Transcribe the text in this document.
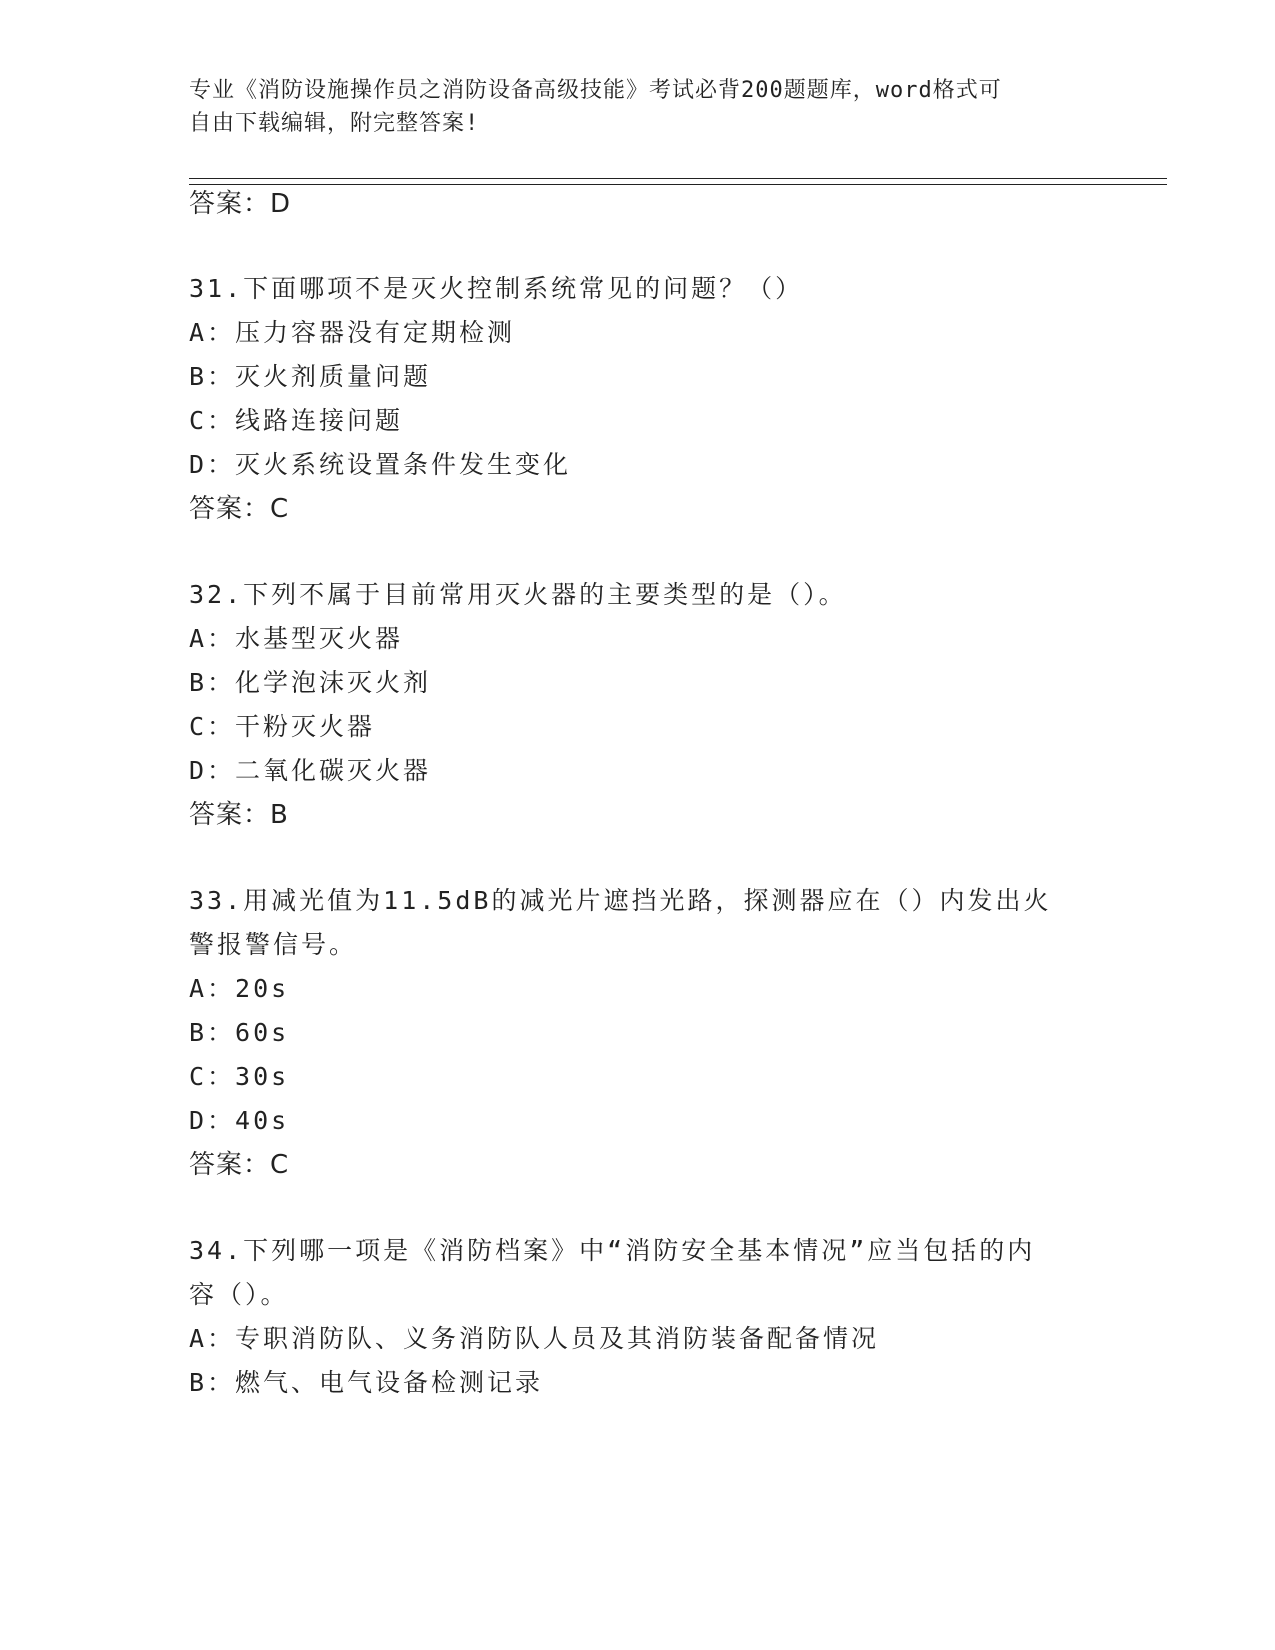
专业《消防设施操作员之消防设备高级技能》考试必背200题题库，word格式可
自由下载编辑，附完整答案!
答案：D
31.下面哪项不是灭火控制系统常见的问题？（）
A：压力容器没有定期检测
B：灭火剂质量问题
C：线路连接问题
D：灭火系统设置条件发生变化
答案：C
32.下列不属于目前常用灭火器的主要类型的是（）。
A：水基型灭火器
B：化学泡沫灭火剂
C：干粉灭火器
D：二氧化碳灭火器
答案：B
33.用减光值为11.5dB的减光片遮挡光路，探测器应在（）内发出火
警报警信号。
A：20s
B：60s
C：30s
D：40s
答案：C
34.下列哪一项是《消防档案》中“消防安全基本情况”应当包括的内
容（）。
A：专职消防队、义务消防队人员及其消防装备配备情况
B：燃气、电气设备检测记录
